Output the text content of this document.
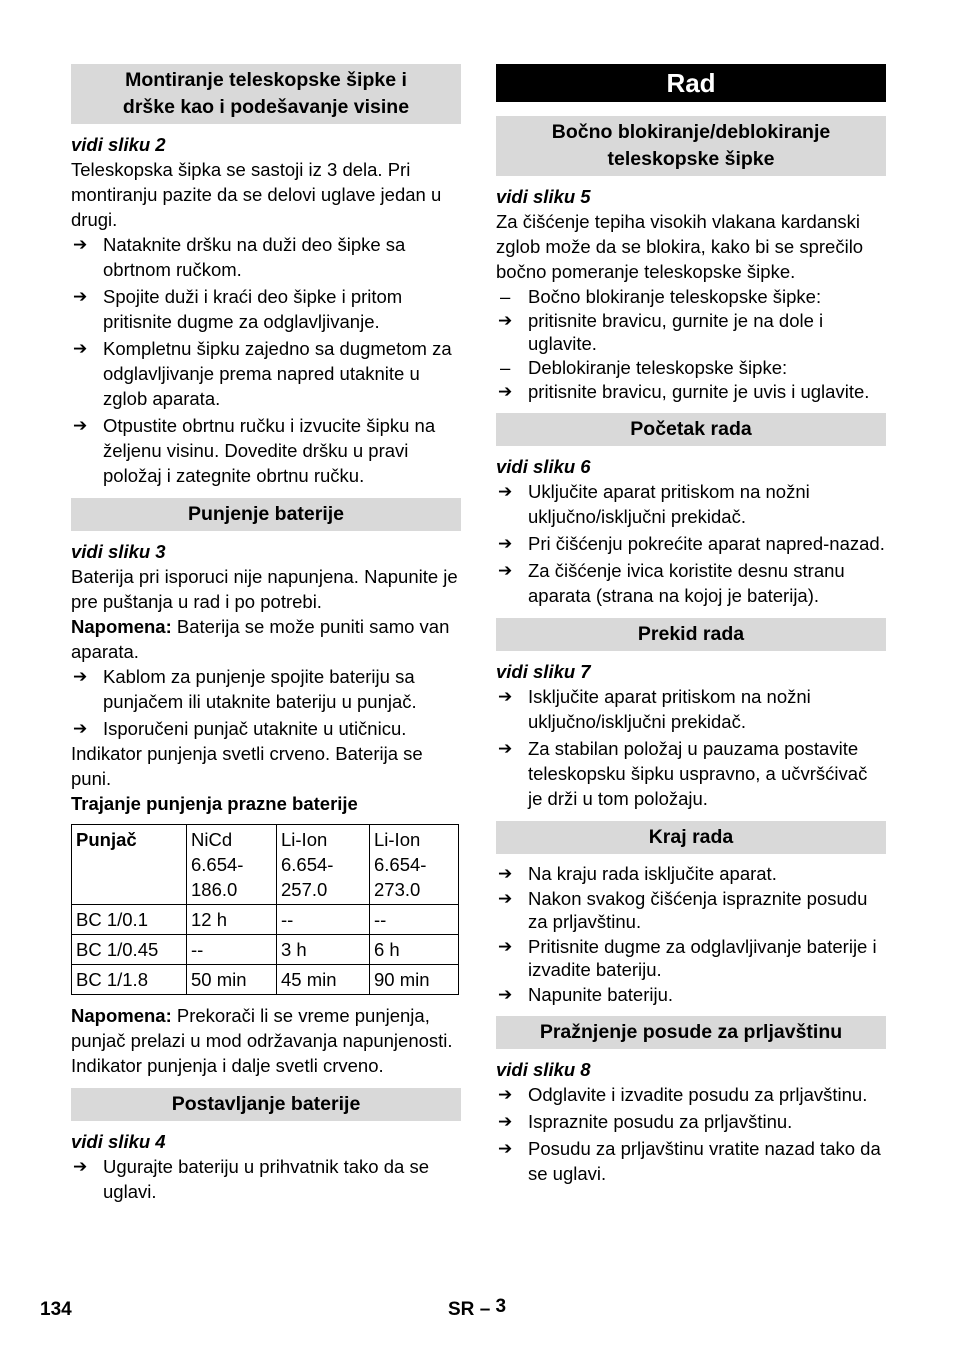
Montiranje teleskopske šipke i
drške kao i podešavanje visine
vidi sliku 2

Teleskopska šipka se sastoji iz 3 dela. Pri montiranju pazite da se delovi uglave jedan u drugi.

➔ Nataknite dršku na duži deo šipke sa obrtnom ručkom.

➔ Spojite duži i kraći deo šipke i pritom pritisnite dugme za odglavljivanje.

➔ Kompletnu šipku zajedno sa dugmetom za odglavljivanje prema napred utaknite u zglob aparata.

➔ Otpustite obrtnu ručku i izvucite šipku na željenu visinu. Dovedite dršku u pravi položaj i zategnite obrtnu ručku.

Punjenje baterije
vidi sliku 3

Baterija pri isporuci nije napunjena. Napunite je pre puštanja u rad i po potrebi.

Napomena: Baterija se može puniti samo van aparata.

➔ Kablom za punjenje spojite bateriju sa punjačem ili utaknite bateriju u punjač.

➔ Isporučeni punjač utaknite u utičnicu.

Indikator punjenja svetli crveno. Baterija se puni.

Trajanje punjenja prazne baterije

Punjač	NiCd 6.654-186.0	Li-Ion 6.654-257.0	Li-Ion 6.654-273.0
BC 1/0.1	12 h	--	--
BC 1/0.45	--	3 h	6 h
BC 1/1.8	50 min	45 min	90 min

Napomena: Prekorači li se vreme punjenja, punjač prelazi u mod održavanja napunjenosti. Indikator punjenja i dalje svetli crveno.

Postavljanje baterije
vidi sliku 4

➔ Ugurajte bateriju u prihvatnik tako da se uglavi.

Rad
Bočno blokiranje/deblokiranje
teleskopske šipke
vidi sliku 5

Za čišćenje tepiha visokih vlakana kardanski zglob može da se blokira, kako bi se sprečilo bočno pomeranje teleskopske šipke.

– Bočno blokiranje teleskopske šipke:

➔ pritisnite bravicu, gurnite je na dole i uglavite.

– Deblokiranje teleskopske šipke:

➔ pritisnite bravicu, gurnite je uvis i uglavite.

Početak rada
vidi sliku 6

➔ Uključite aparat pritiskom na nožni uključno/isključni prekidač.

➔ Pri čišćenju pokrećite aparat napred-nazad.

➔ Za čišćenje ivica koristite desnu stranu aparata (strana na kojoj je baterija).

Prekid rada
vidi sliku 7

➔ Isključite aparat pritiskom na nožni uključno/isključni prekidač.

➔ Za stabilan položaj u pauzama postavite teleskopsku šipku uspravno, a učvršćivač je drži u tom položaju.

Kraj rada

➔ Na kraju rada isključite aparat.

➔ Nakon svakog čišćenja ispraznite posudu za prljavštinu.

➔ Pritisnite dugme za odglavljivanje baterije i izvadite bateriju.

➔ Napunite bateriju.

Pražnjenje posude za prljavštinu
vidi sliku 8

➔ Odglavite i izvadite posudu za prljavštinu.

➔ Ispraznite posudu za prljavštinu.

➔ Posudu za prljavštinu vratite nazad tako da se uglavi.

134	SR – 3
